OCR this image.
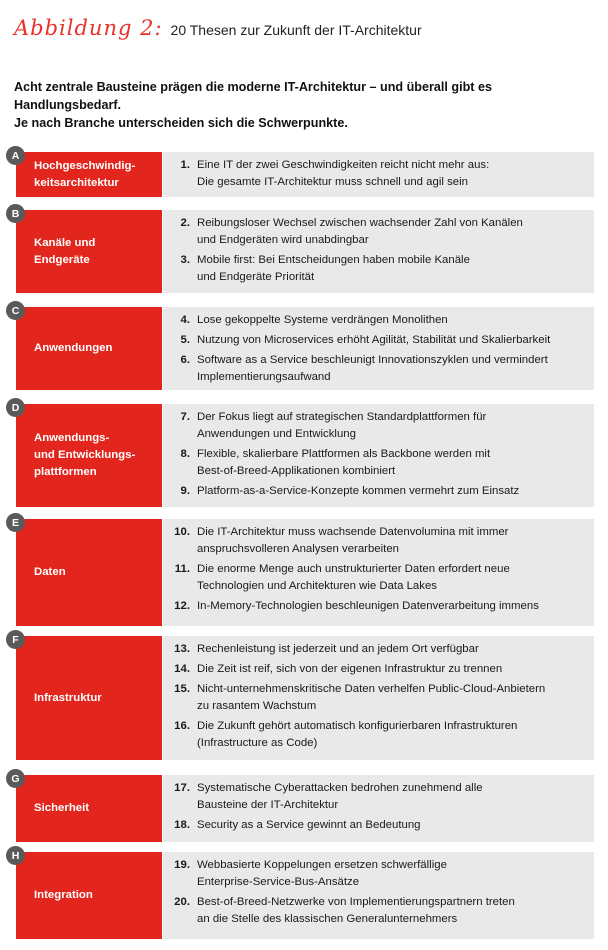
Abbildung 2: 20 Thesen zur Zukunft der IT-Architektur
Acht zentrale Bausteine prägen die moderne IT-Architektur – und überall gibt es Handlungsbedarf.
Je nach Branche unterscheiden sich die Schwerpunkte.
A
Hochgeschwindig-
keitsarchitektur
1. Eine IT der zwei Geschwindigkeiten reicht nicht mehr aus:
Die gesamte IT-Architektur muss schnell und agil sein
B
Kanäle und
Endgeräte
2. Reibungsloser Wechsel zwischen wachsender Zahl von Kanälen
und Endgeräten wird unabdingbar
3. Mobile first: Bei Entscheidungen haben mobile Kanäle
und Endgeräte Priorität
C
Anwendungen
4. Lose gekoppelte Systeme verdrängen Monolithen
5. Nutzung von Microservices erhöht Agilität, Stabilität und Skalierbarkeit
6. Software as a Service beschleunigt Innovationszyklen und vermindert
Implementierungsaufwand
D
Anwendungs-
und Entwicklungs-
plattformen
7. Der Fokus liegt auf strategischen Standardplattformen für
Anwendungen und Entwicklung
8. Flexible, skalierbare Plattformen als Backbone werden mit
Best-of-Breed-Applikationen kombiniert
9. Platform-as-a-Service-Konzepte kommen vermehrt zum Einsatz
E
Daten
10. Die IT-Architektur muss wachsende Datenvolumina mit immer
anspruchsvolleren Analysen verarbeiten
11. Die enorme Menge auch unstrukturierter Daten erfordert neue
Technologien und Architekturen wie Data Lakes
12. In-Memory-Technologien beschleunigen Datenverarbeitung immens
F
Infrastruktur
13. Rechenleistung ist jederzeit und an jedem Ort verfügbar
14. Die Zeit ist reif, sich von der eigenen Infrastruktur zu trennen
15. Nicht-unternehmenskritische Daten verhelfen Public-Cloud-Anbietern
zu rasantem Wachstum
16. Die Zukunft gehört automatisch konfigurierbaren Infrastrukturen
(Infrastructure as Code)
G
Sicherheit
17. Systematische Cyberattacken bedrohen zunehmend alle
Bausteine der IT-Architektur
18. Security as a Service gewinnt an Bedeutung
H
Integration
19. Webbasierte Koppelungen ersetzen schwerfällige
Enterprise-Service-Bus-Ansätze
20. Best-of-Breed-Netzwerke von Implementierungspartnern treten
an die Stelle des klassischen Generalunternehmers
